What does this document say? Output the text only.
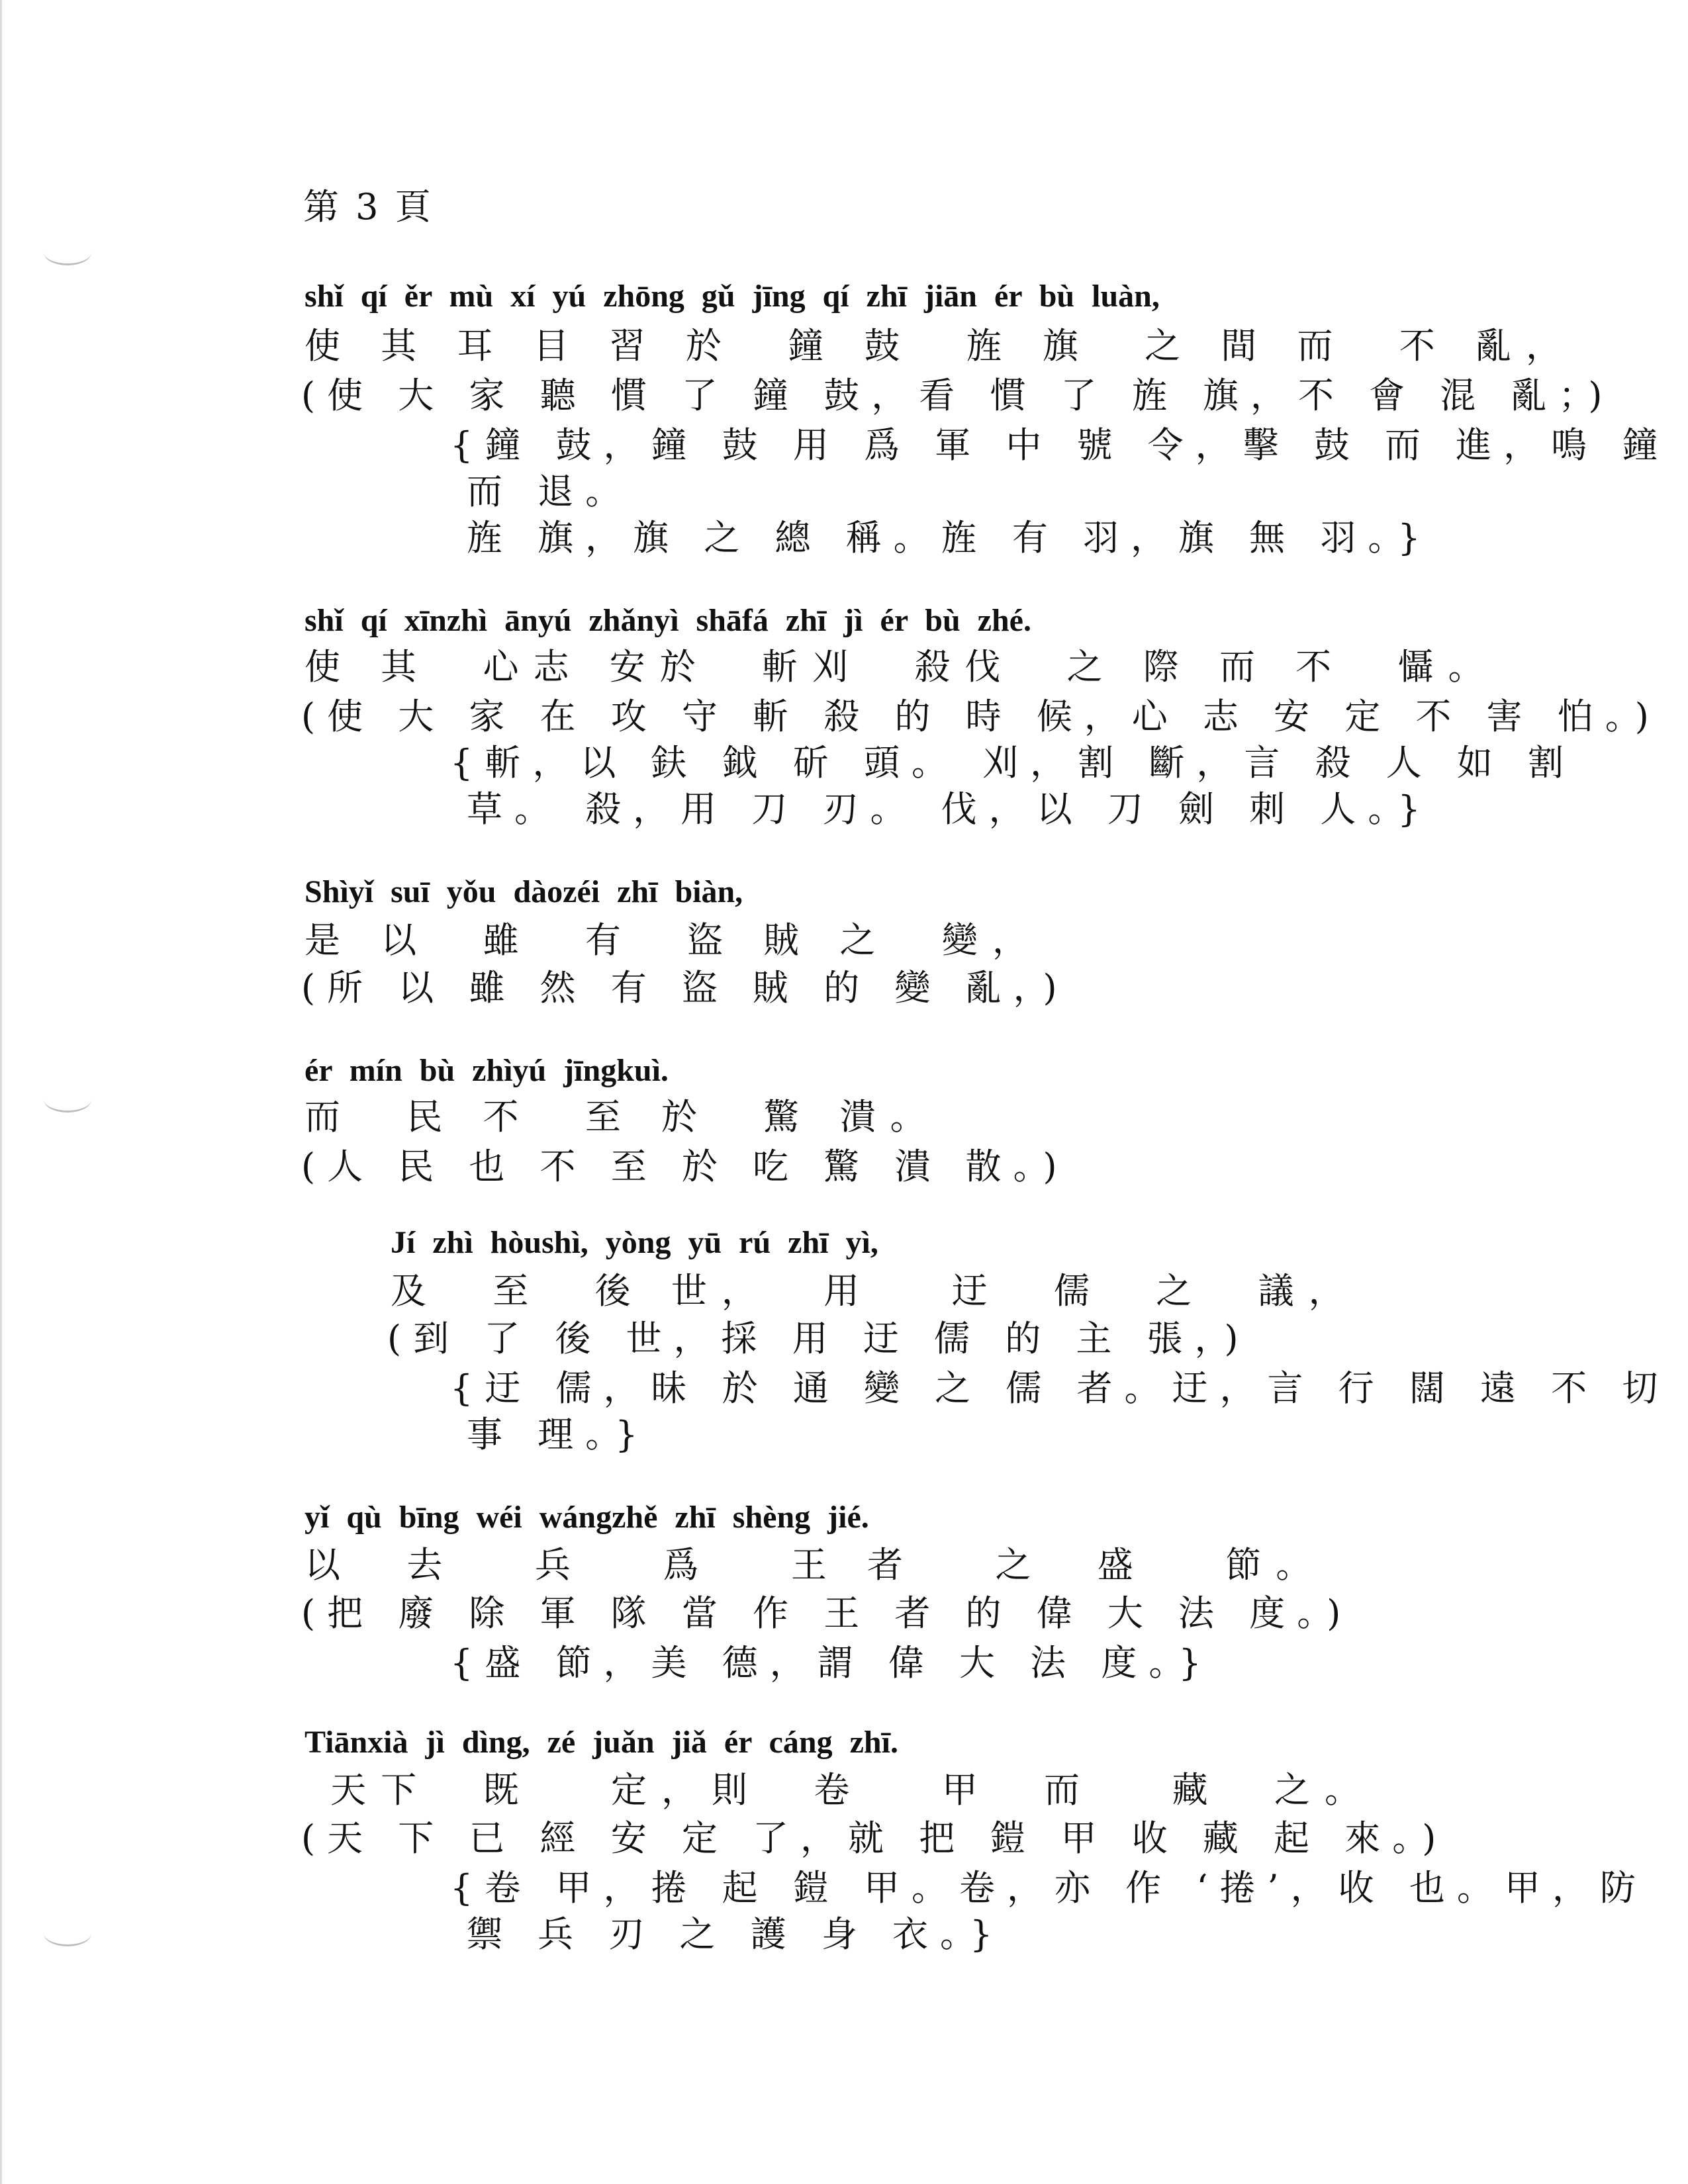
第 3 頁
shǐ qí ěr mù xí yú zhōng gǔ jīng qí zhī jiān ér bù luàn,
使 其 耳 目 習 於  鐘 鼓  旌 旗  之 間 而  不 亂，
(使 大 家 聽 慣 了 鐘 鼓，看 慣 了 旌 旗，不 會 混 亂；)
{鐘 鼓，鐘 鼓 用 爲 軍 中 號 令，擊 鼓 而 進，鳴 鐘
而 退。
旌 旗，旗 之 總 稱。旌 有 羽，旗 無 羽。}
shǐ qí xīnzhì ānyú zhǎnyì shāfá zhī jì ér bù zhé.
使 其  心志 安於  斬刈  殺伐  之 際 而 不  懾。
(使 大 家 在 攻 守 斬 殺 的 時 候，心 志 安 定 不 害 怕。)
{斬，以 鈇 鉞 斫 頭。 刈，割 斷，言 殺 人 如 割
草。 殺，用 刀 刃。 伐，以 刀 劍 刺 人。}
Shìyǐ suī yǒu dàozéi zhī biàn,
是 以  雖  有  盜 賊 之  變，
(所 以 雖 然 有 盜 賊 的 變 亂，)
ér mín bù zhìyú jīngkuì.
而  民 不  至 於  驚 潰。
(人 民 也 不 至 於 吃 驚 潰 散。)
Jí zhì hòushì, yòng yū rú zhī yì,
及  至  後 世，  用   迂  儒  之  議，
(到 了 後 世，採 用 迂 儒 的 主 張，)
{迂 儒，昧 於 通 變 之 儒 者。迂，言 行 闊 遠 不 切
事 理。}
yǐ qù bīng wéi wángzhě zhī shèng jié.
以  去   兵   爲   王 者   之  盛   節。
(把 廢 除 軍 隊 當 作 王 者 的 偉 大 法 度。)
{盛 節，美 德，謂 偉 大 法 度。}
Tiānxià jì dìng, zé juǎn jiǎ ér cáng zhī.
天下  既   定，則  卷   甲  而   藏  之。
(天 下 已 經 安 定 了，就 把 鎧 甲 收 藏 起 來。)
{卷 甲，捲 起 鎧 甲。卷，亦 作 ‘捲’，收 也。甲，防
禦 兵 刃 之 護 身 衣。}
